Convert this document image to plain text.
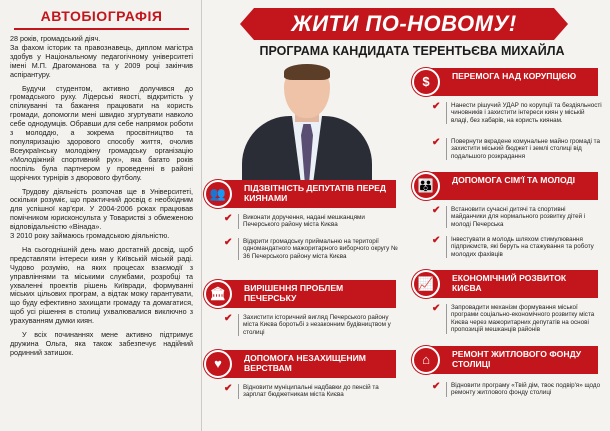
АВТОБІОГРАФІЯ

28 років, громадський діяч.
За фахом історик та правознавець, диплом магістра здобув у Національному педагогічному університеті імені М.П. Драгоманова та у 2009 році закінчив аспірантуру.

Будучи студентом, активно долучився до громадського руху. Лідерські якості, відкритість у спілкуванні та бажання працювати на користь громади, допомогли мені швидко згуртувати навколо себе однодумців. Обравши для себе напрямок роботи з молоддю, а зокрема просвітництво та популяризацію здорового способу життя, очолив Всеукраїнську молодіжну громадську організацію «Молодіжний спортивний рух», яка багато років поспіль була партнером у проведенні в районі щорічних турнірів з дворового футболу.

Трудову діяльність розпочав ще в Університеті, оскільки розуміє, що практичний досвід є необхідним для успішної кар'єри. У 2004-2006 роках працював помічником юрисконсульта у Товаристві з обмеженою відповідальністю «Вінада».
З 2010 року займаюсь громадською діяльністю.

На сьогоднішній день маю достатній досвід, щоб представляти інтереси киян у Київській міській раді. Чудово розумію, на яких процесах взаємодії з управліннями та міськими службами, розробці та ухваленні проектів рішень Київради, формуванні міських цільових програм, а відтак можу гарантувати, що буду ефективно захищати громаду та домагатися, щоб усі рішення в столиці ухвалювалися виключно з урахуванням думки киян.

У всіх починаннях мене активно підтримує дружина Ольга, яка також забезпечує надійний родинний затишок.

ЖИТИ ПО-НОВОМУ!
ПРОГРАМА КАНДИДАТА ТЕРЕНТЬЄВА МИХАЙЛА
ПІДЗВІТНІСТЬ ДЕПУТАТІВ ПЕРЕД КИЯНАМИ
👥
✔	Виконати доручення, надані мешканцями Печерського району міста Києва
✔	Відкрити громадську приймальню на території одномандатного мажоритарного виборчого округу № 36 Печерського району міста Києва
ВИРІШЕННЯ ПРОБЛЕМ ПЕЧЕРСЬКУ
🏛
✔	Захистити історичний вигляд Печерського району міста Києва боротьбі з незаконним будівництвом у столиці
ДОПОМОГА НЕЗАХИЩЕНИМ ВЕРСТВАМ
♥
✔	Відновити муніципальні надбавки до пенсій та зарплат бюджетникам міста Києва
ПЕРЕМОГА НАД КОРУПЦІЄЮ
$
✔	Нанести рішучий УДАР по корупції та бездіяльності чиновників і захистити інтереси киян у міській владі, без хабарів, на користь киянам.
✔	Повернути вкрадене комунальне майно громаді та захистити міський бюджет і землі столиці від подальшого розкрадання
ДОПОМОГА СІМ'Ї ТА МОЛОДІ
👪
✔	Встановити сучасні дитячі та спортивні майданчики для нормального розвитку дітей і молоді Печерська
✔	Інвестувати в молодь шляхом стимулювання підприємств, які беруть на стажування та роботу молодих фахівців
ЕКОНОМІЧНИЙ РОЗВИТОК КИЄВА
📈
✔	Запровадити механізм формування міської програми соціально-економічного розвитку міста Києва через мажоритарних депутатів на основі пропозицій мешканців районів
РЕМОНТ ЖИТЛОВОГО ФОНДУ СТОЛИЦІ
⌂
✔	Відновити програму «Твій дім, твоє подвір'я» щодо ремонту житлового фонду столиці
